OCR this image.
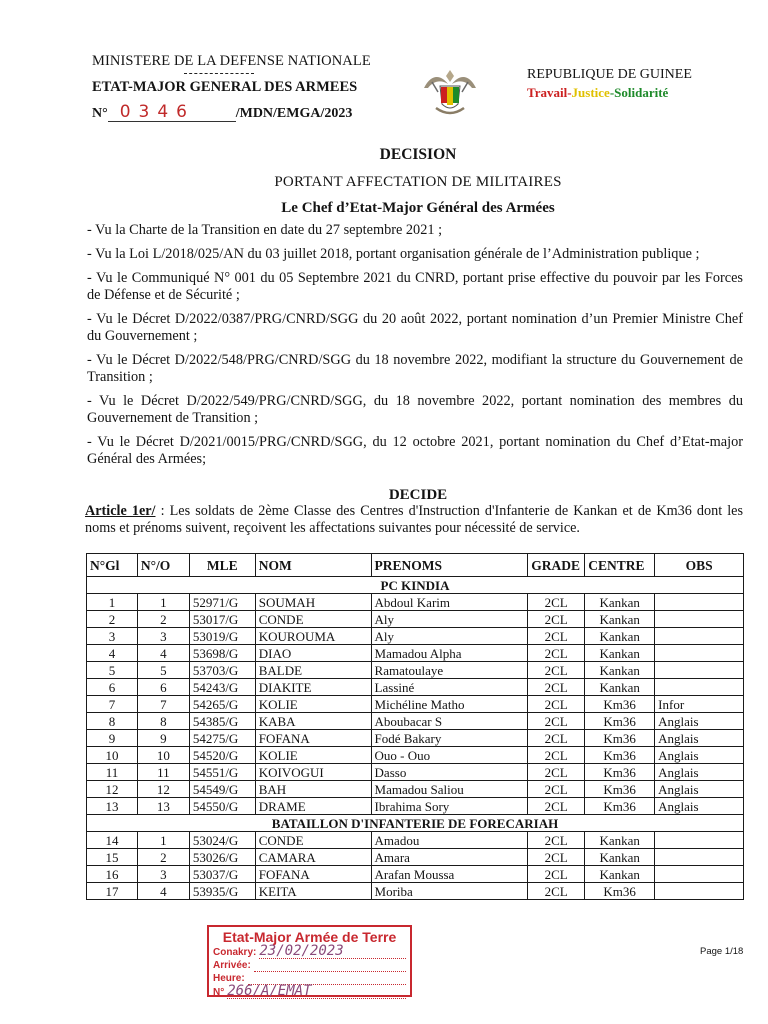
MINISTERE DE LA DEFENSE NATIONALE
ETAT-MAJOR GENERAL DES ARMEES
N° 0346	/MDN/EMGA/2023
REPUBLIQUE DE GUINEE
Travail-Justice-Solidarité
DECISION
PORTANT AFFECTATION DE MILITAIRES
Le Chef d’Etat-Major Général des Armées
- Vu la Charte de la Transition en date du 27 septembre 2021 ;
- Vu la Loi L/2018/025/AN du 03 juillet 2018, portant organisation générale de l’Administration publique ;
- Vu le Communiqué N° 001 du 05 Septembre 2021 du CNRD, portant prise effective du pouvoir par les Forces de Défense et de Sécurité ;
- Vu le Décret D/2022/0387/PRG/CNRD/SGG du 20 août 2022, portant nomination d’un Premier Ministre Chef du Gouvernement ;
- Vu le Décret D/2022/548/PRG/CNRD/SGG du 18 novembre 2022, modifiant la structure du Gouvernement de Transition ;
- Vu le Décret D/2022/549/PRG/CNRD/SGG, du 18 novembre 2022, portant nomination des membres du Gouvernement de Transition ;
- Vu le Décret D/2021/0015/PRG/CNRD/SGG, du 12 octobre 2021, portant nomination du Chef d’Etat-major Général des Armées;
DECIDE
Article 1er/ : Les soldats de 2ème Classe des Centres d'Instruction d'Infanterie de Kankan et de Km36 dont les noms et prénoms suivent, reçoivent les affectations suivantes pour nécessité de service.
N°Gl	N°/O	MLE	NOM	PRENOMS	GRADE	CENTRE	OBS
PC KINDIA							
1	1	52971/G	SOUMAH	Abdoul Karim	2CL	Kankan	
2	2	53017/G	CONDE	Aly	2CL	Kankan	
3	3	53019/G	KOUROUMA	Aly	2CL	Kankan	
4	4	53698/G	DIAO	Mamadou Alpha	2CL	Kankan	
5	5	53703/G	BALDE	Ramatoulaye	2CL	Kankan	
6	6	54243/G	DIAKITE	Lassiné	2CL	Kankan	
7	7	54265/G	KOLIE	Michéline Matho	2CL	Km36	Infor
8	8	54385/G	KABA	Aboubacar S	2CL	Km36	Anglais
9	9	54275/G	FOFANA	Fodé Bakary	2CL	Km36	Anglais
10	10	54520/G	KOLIE	Ouo - Ouo	2CL	Km36	Anglais
11	11	54551/G	KOIVOGUI	Dasso	2CL	Km36	Anglais
12	12	54549/G	BAH	Mamadou Saliou	2CL	Km36	Anglais
13	13	54550/G	DRAME	Ibrahima Sory	2CL	Km36	Anglais
BATAILLON D'INFANTERIE DE FORECARIAH							
14	1	53024/G	CONDE	Amadou	2CL	Kankan	
15	2	53026/G	CAMARA	Amara	2CL	Kankan	
16	3	53037/G	FOFANA	Arafan Moussa	2CL	Kankan	
17	4	53935/G	KEITA	Moriba	2CL	Km36	
Etat-Major Armée de Terre
Conakry: 23/02/2023
Arrivée:
Heure:
N° 266/A/EMAT
Page 1/18
